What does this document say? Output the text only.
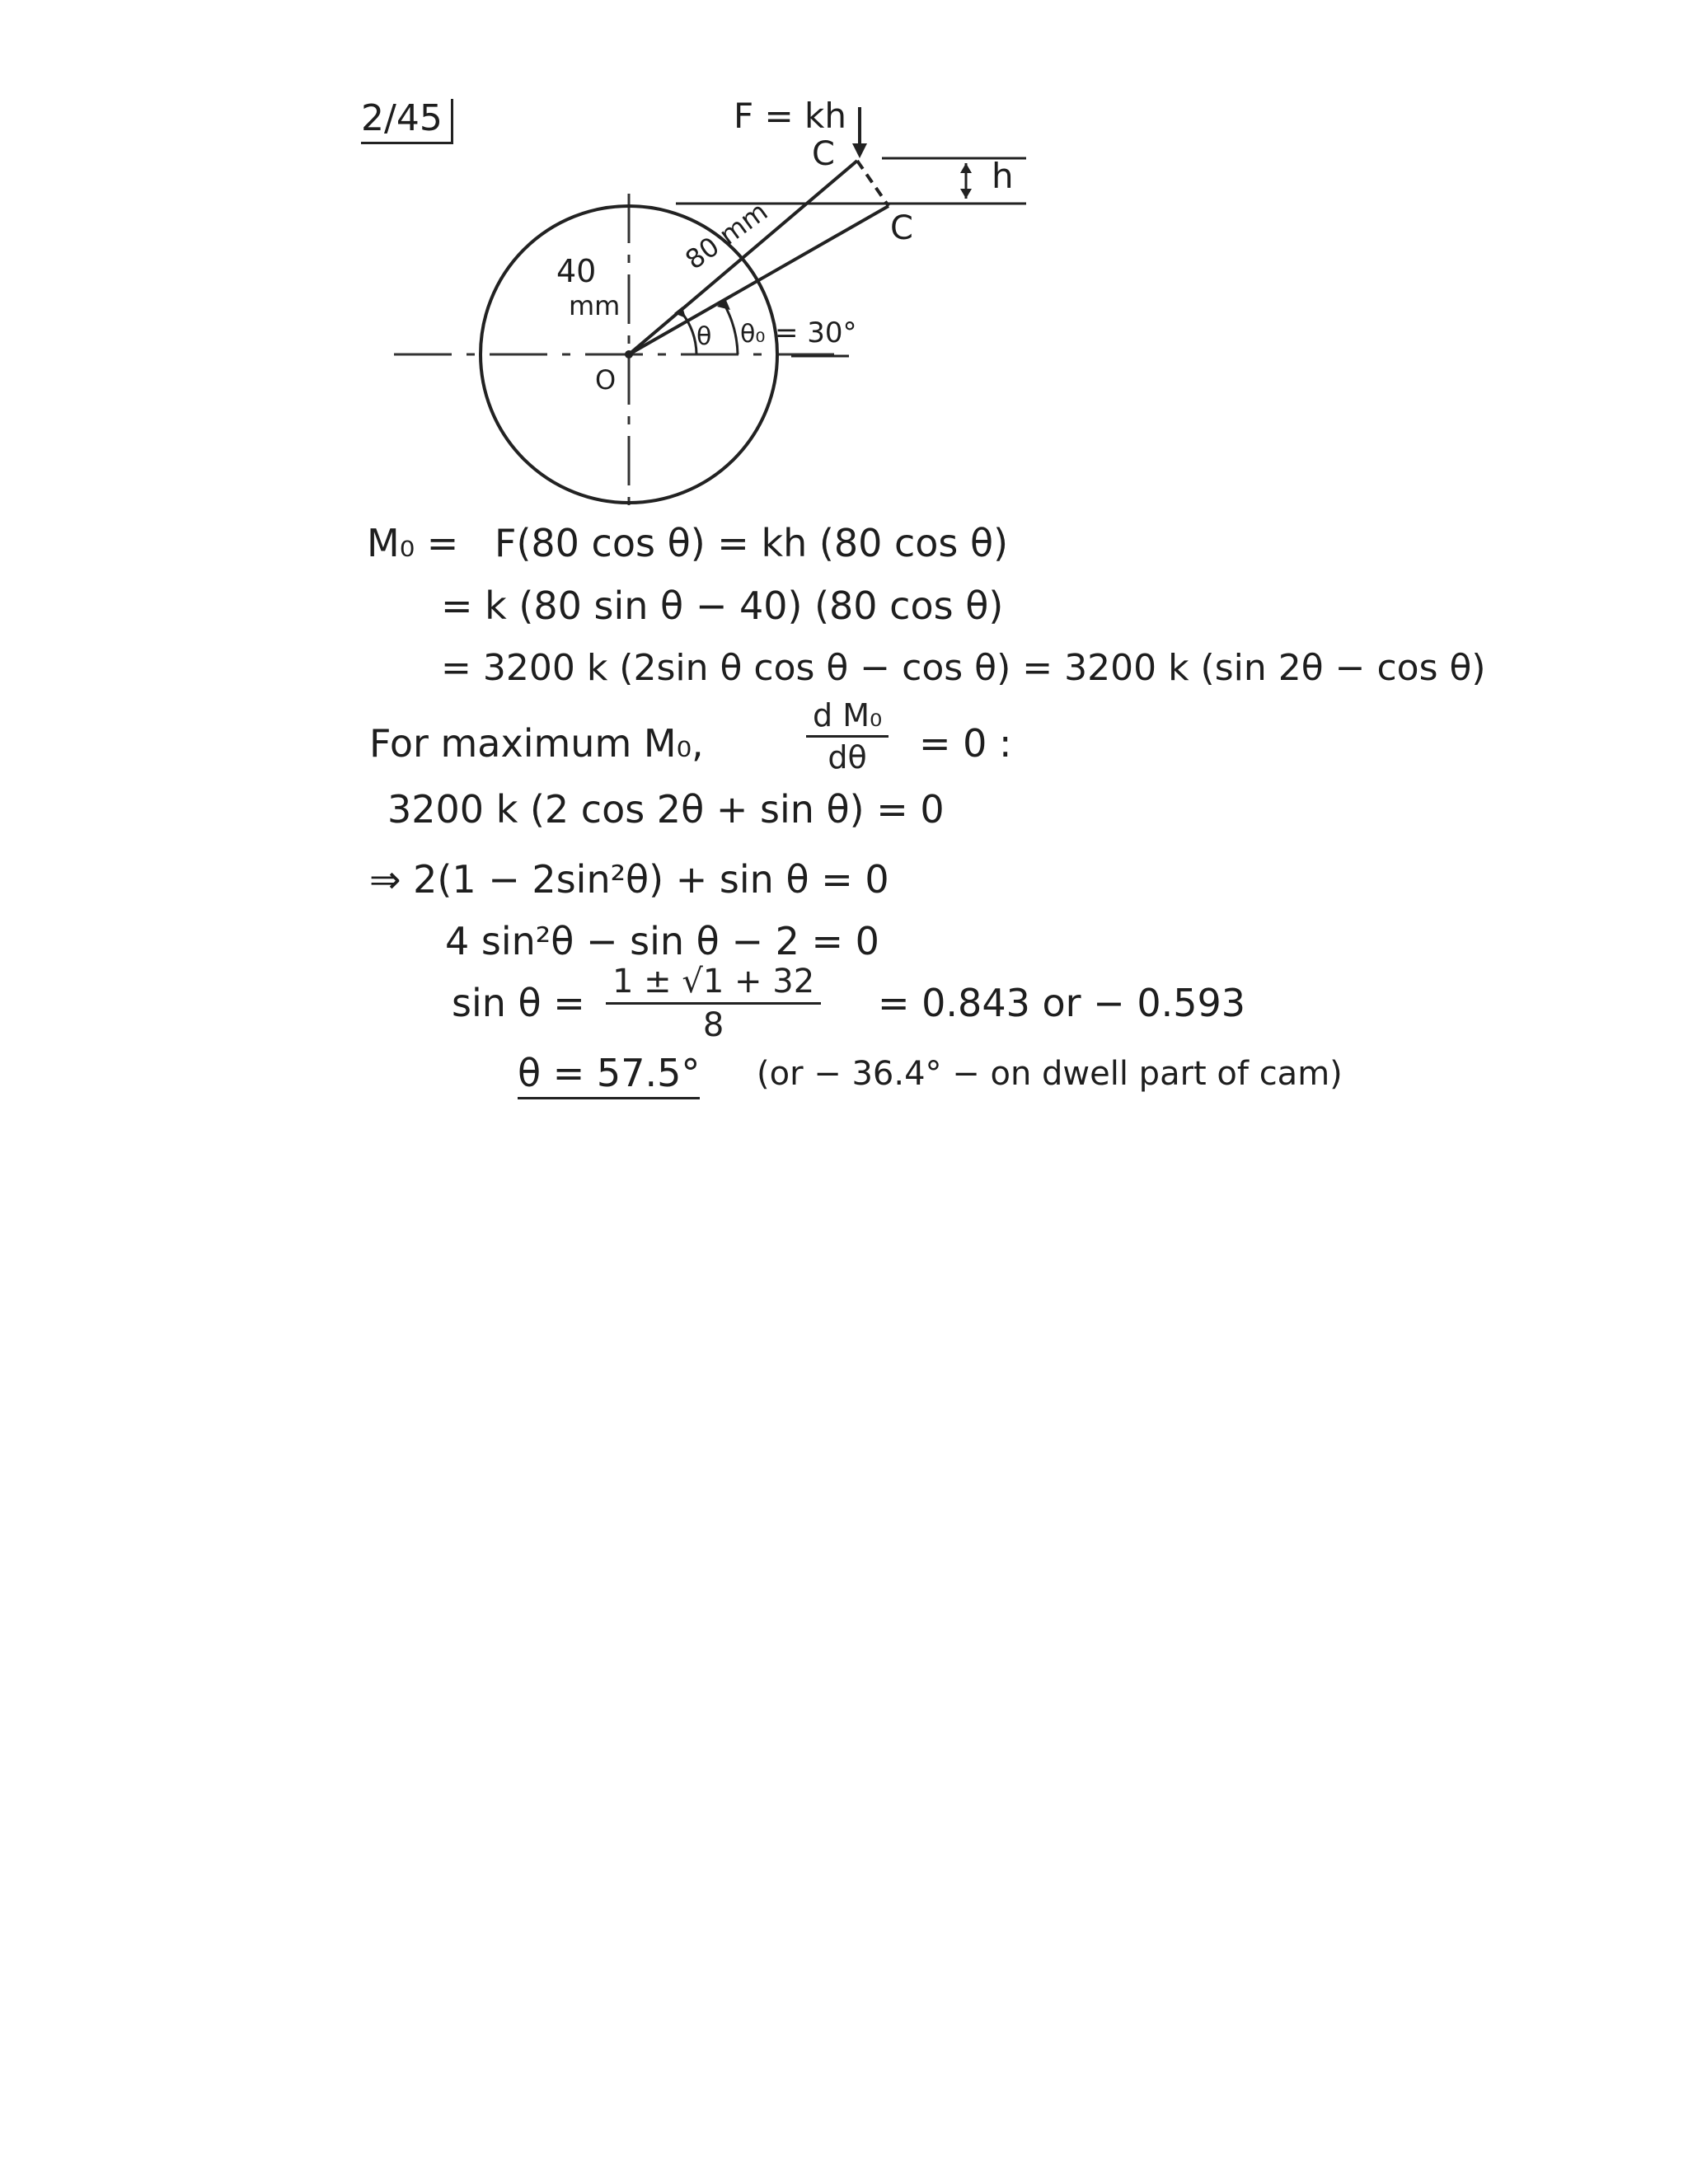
2/45	F = kh
C
C
h
40
mm
80 mm
θ θ₀ = 30°
O
M₀ = F(80 cos θ) = kh (80 cos θ)
= k (80 sin θ − 40) (80 cos θ)
= 3200 k (2sin θ cos θ − cos θ) = 3200 k (sin 2θ − cos θ)
For maximum M₀,	$\frac{\text{d M₀}}{d\theta} = 0$ :
3200 k (2 cos 2θ + sin θ) = 0
⇒ 2(1 − 2sin²θ) + sin θ = 0
4 sin²θ − sin θ − 2 = 0
$\sin \theta = \frac{1 \pm √1 + 32}{8} = 0.843$ or − 0.593
θ = 57.5° (or − 36.4° − on dwell part of cam)
